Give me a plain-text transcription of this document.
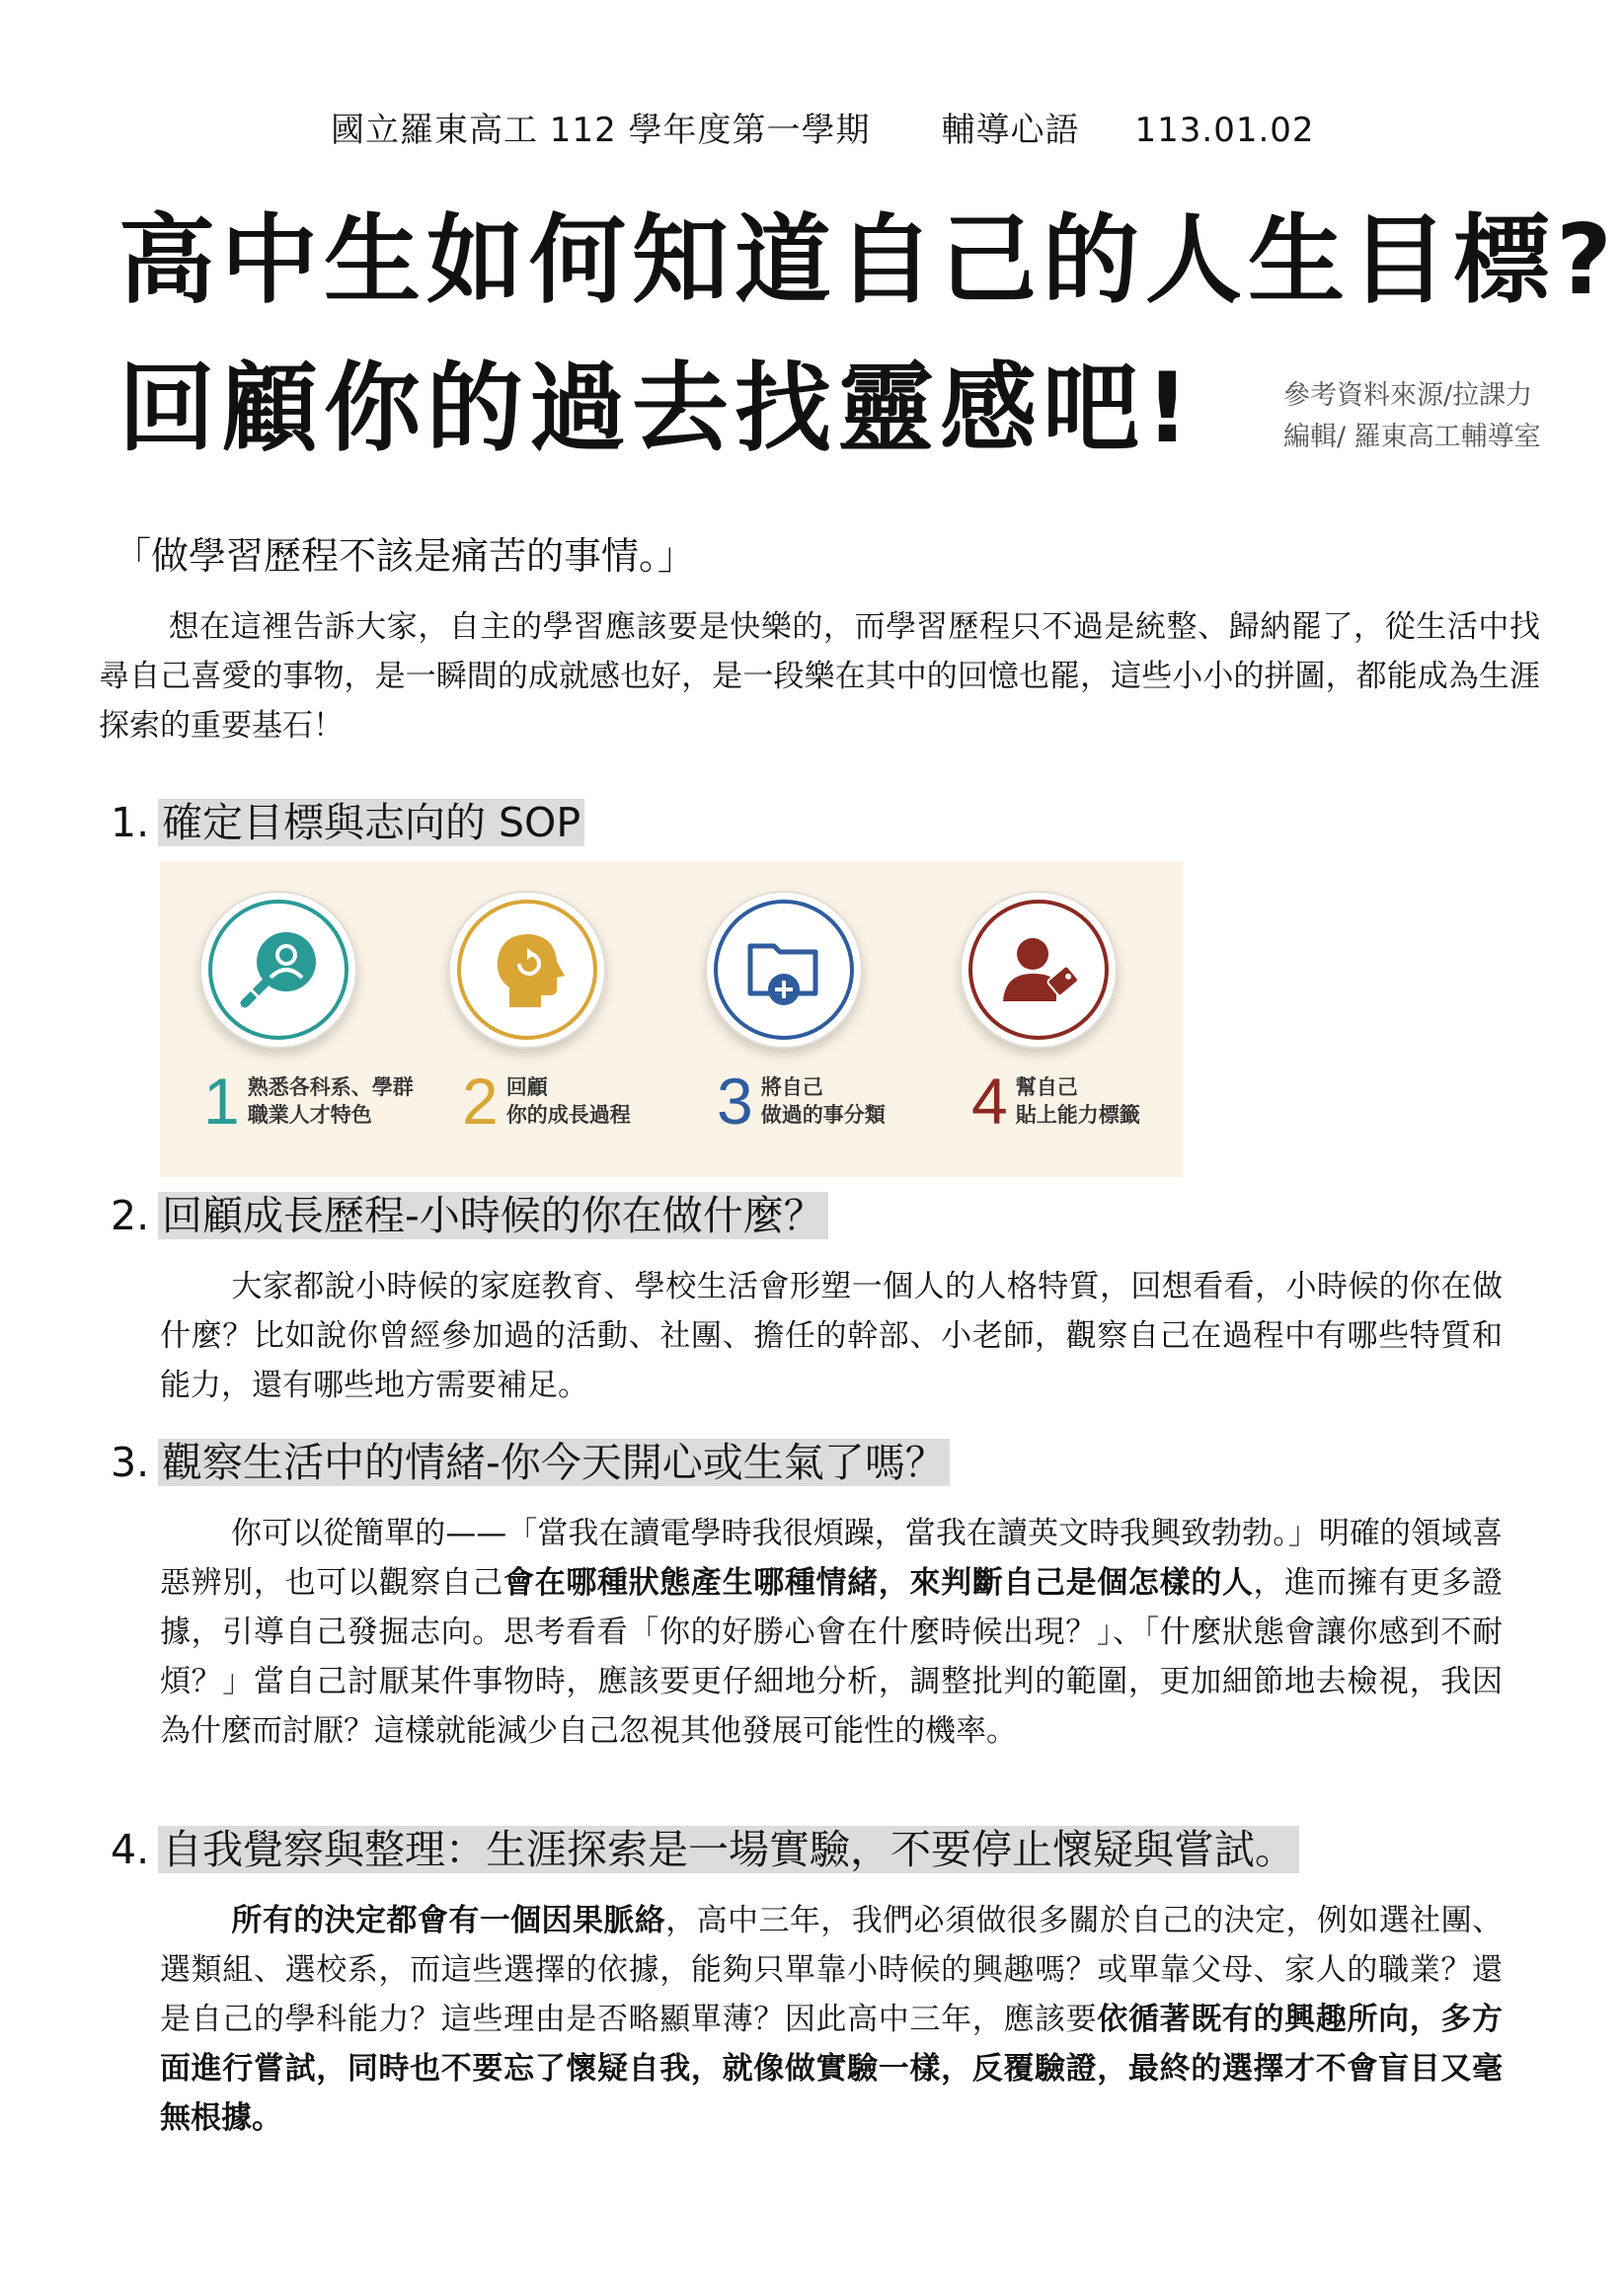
國立羅東高工 112 學年度第一學期 輔導心語 113.01.02
高中生如何知道自己的人生目標?
回顧你的過去找靈感吧!	參考資料來源/拉課力
編輯/ 羅東高工輔導室
「做學習歷程不該是痛苦的事情。」
想在這裡告訴大家，自主的學習應該要是快樂的，而學習歷程只不過是統整、歸納罷了，從生活中找尋自己喜愛的事物，是一瞬間的成就感也好，是一段樂在其中的回憶也罷，這些小小的拼圖，都能成為生涯探索的重要基石！
1. 確定目標與志向的 SOP
1 熟悉各科系、學群
職業人才特色	2 回顧
你的成長過程 3 將自己
做過的事分類 4 幫自己
貼上能力標籤
2. 回顧成長歷程-小時候的你在做什麼？
大家都說小時候的家庭教育、學校生活會形塑一個人的人格特質，回想看看，小時候的你在做什麼？比如說你曾經參加過的活動、社團、擔任的幹部、小老師，觀察自己在過程中有哪些特質和能力，還有哪些地方需要補足。
3. 觀察生活中的情緒-你今天開心或生氣了嗎？
你可以從簡單的——「當我在讀電學時我很煩躁，當我在讀英文時我興致勃勃。」明確的領域喜惡辨別，也可以觀察自己會在哪種狀態產生哪種情緒，來判斷自己是個怎樣的人，進而擁有更多證據，引導自己發掘志向。思考看看「你的好勝心會在什麼時候出現？」、「什麼狀態會讓你感到不耐煩？」當自己討厭某件事物時，應該要更仔細地分析，調整批判的範圍，更加細節地去檢視，我因為什麼而討厭？這樣就能減少自己忽視其他發展可能性的機率。
4. 自我覺察與整理：生涯探索是一場實驗，不要停止懷疑與嘗試。
所有的決定都會有一個因果脈絡，高中三年，我們必須做很多關於自己的決定，例如選社團、選類組、選校系，而這些選擇的依據，能夠只單靠小時候的興趣嗎？或單靠父母、家人的職業？還是自己的學科能力？這些理由是否略顯單薄？因此高中三年，應該要依循著既有的興趣所向，多方面進行嘗試，同時也不要忘了懷疑自我，就像做實驗一樣，反覆驗證，最終的選擇才不會盲目又毫無根據。
